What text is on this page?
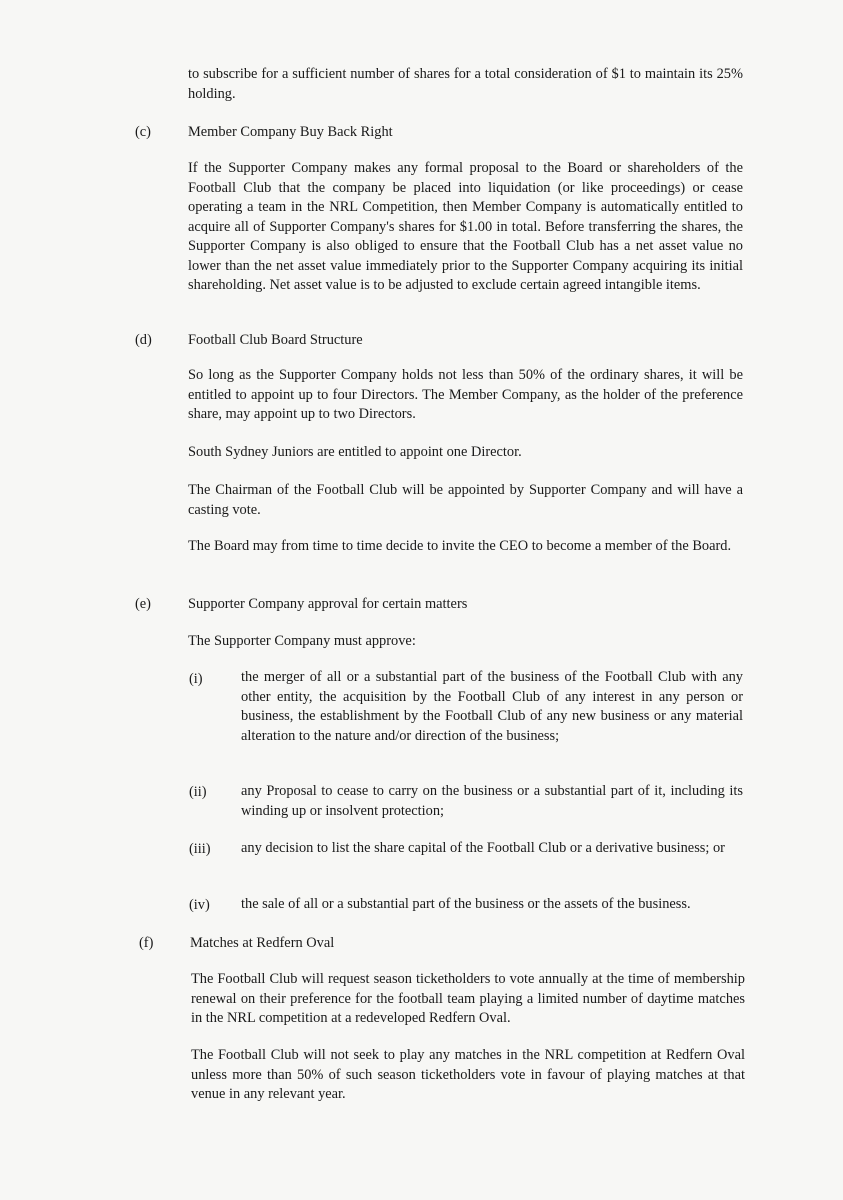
to subscribe for a sufficient number of shares for a total consideration of $1 to maintain its 25% holding.

(c)	Member Company Buy Back Right

If the Supporter Company makes any formal proposal to the Board or shareholders of the Football Club that the company be placed into liquidation (or like proceedings) or cease operating a team in the NRL Competition, then Member Company is automatically entitled to acquire all of Supporter Company's shares for $1.00 in total. Before transferring the shares, the Supporter Company is also obliged to ensure that the Football Club has a net asset value no lower than the net asset value immediately prior to the Supporter Company acquiring its initial shareholding. Net asset value is to be adjusted to exclude certain agreed intangible items.

(d)	Football Club Board Structure

So long as the Supporter Company holds not less than 50% of the ordinary shares, it will be entitled to appoint up to four Directors. The Member Company, as the holder of the preference share, may appoint up to two Directors.

South Sydney Juniors are entitled to appoint one Director.

The Chairman of the Football Club will be appointed by Supporter Company and will have a casting vote.

The Board may from time to time decide to invite the CEO to become a member of the Board.

(e)	Supporter Company approval for certain matters
The Supporter Company must approve:
(i)	the merger of all or a substantial part of the business of the Football Club with any other entity, the acquisition by the Football Club of any interest in any person or business, the establishment by the Football Club of any new business or any material alteration to the nature and/or direction of the business;

(ii) any Proposal to cease to carry on the business or a substantial part of it, including its winding up or insolvent protection;

(iii) any decision to list the share capital of the Football Club or a derivative business; or

(iv) the sale of all or a substantial part of the business or the assets of the business.

(f)	Matches at Redfern Oval

The Football Club will request season ticketholders to vote annually at the time of membership renewal on their preference for the football team playing a limited number of daytime matches in the NRL competition at a redeveloped Redfern Oval.

The Football Club will not seek to play any matches in the NRL competition at Redfern Oval unless more than 50% of such season ticketholders vote in favour of playing matches at that venue in any relevant year.
